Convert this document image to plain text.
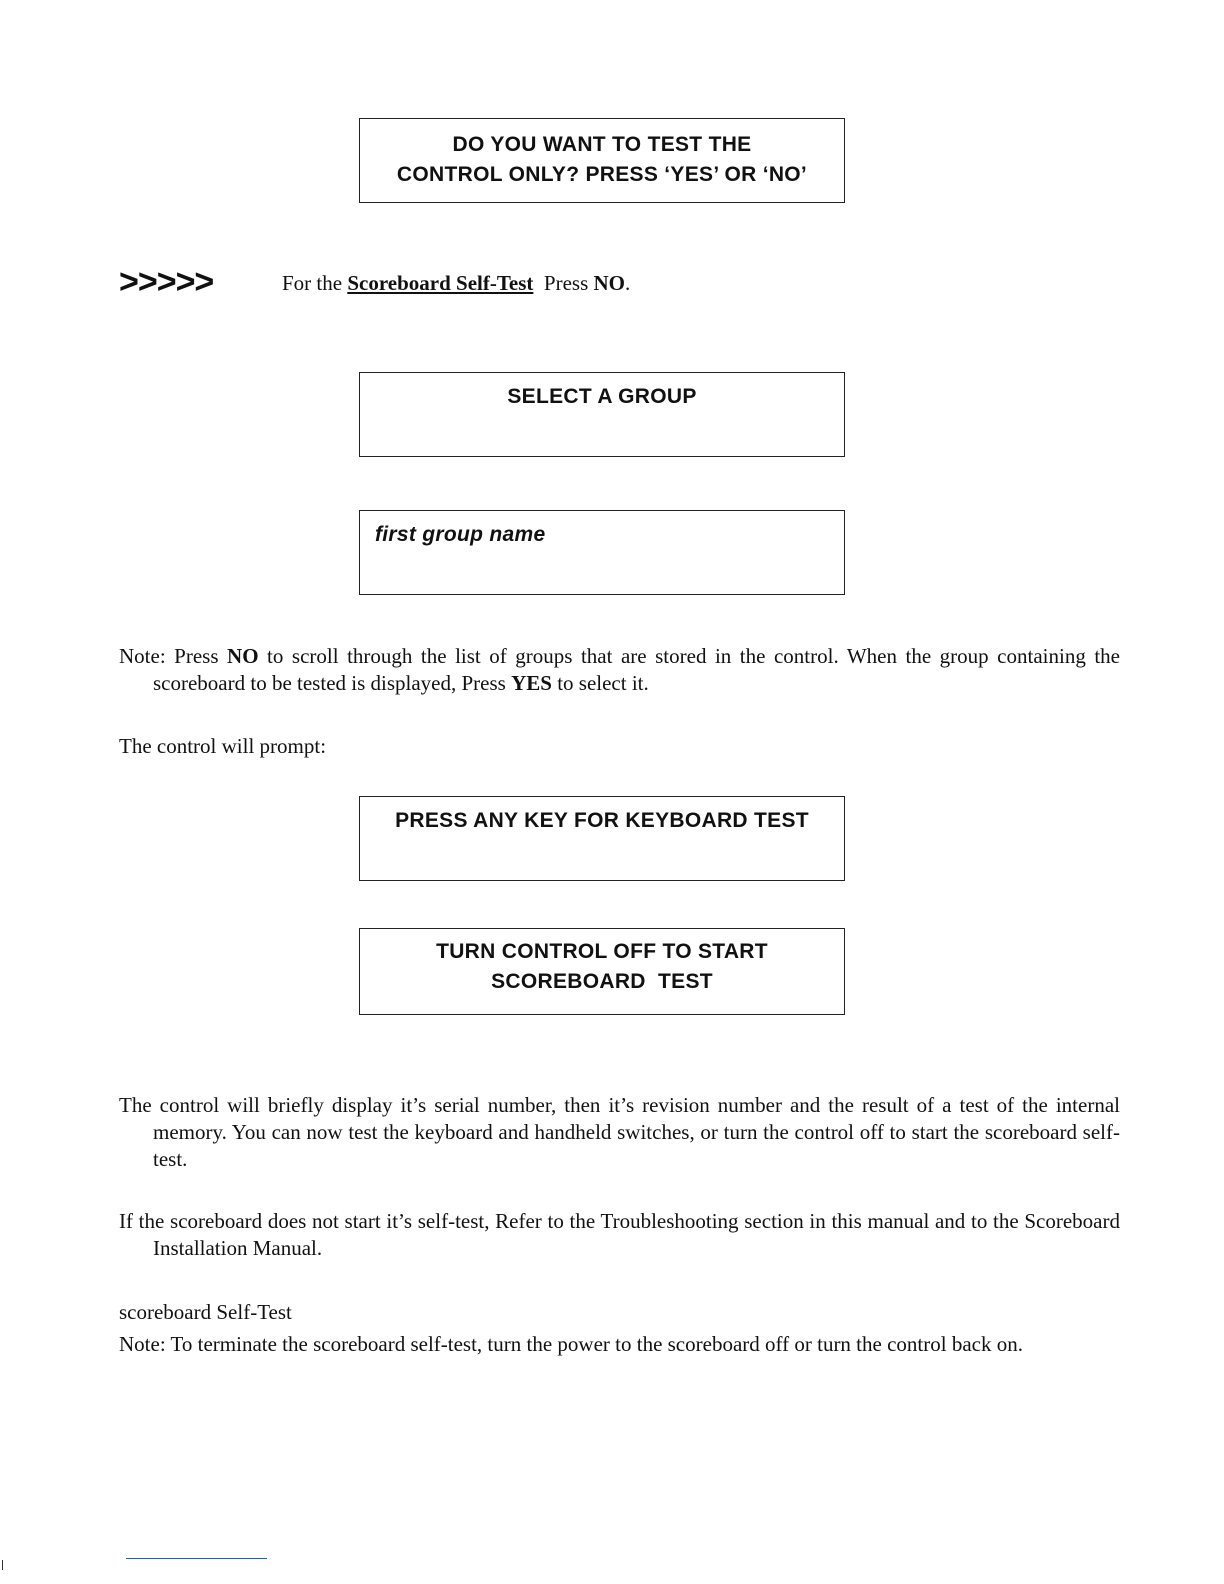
DO YOU WANT TO TEST THE
CONTROL ONLY? PRESS ‘YES’ OR ‘NO’
>>>>>	For the Scoreboard Self-Test  Press NO.
SELECT A GROUP
first group name
Note: Press NO to scroll through the list of groups that are stored in the control. When the group containing the scoreboard to be tested is displayed, Press YES to select it.
The control will prompt:
PRESS ANY KEY FOR KEYBOARD TEST
TURN CONTROL OFF TO START
SCOREBOARD  TEST
The control will briefly display it’s serial number, then it’s revision number and the result of a test of the internal memory. You can now test the keyboard and handheld switches, or turn the control off to start the scoreboard self-test.
If the scoreboard does not start it’s self-test, Refer to the Troubleshooting section in this manual and to the Scoreboard Installation Manual.
scoreboard Self-Test
Note: To terminate the scoreboard self-test, turn the power to the scoreboard off or turn the control back on.
